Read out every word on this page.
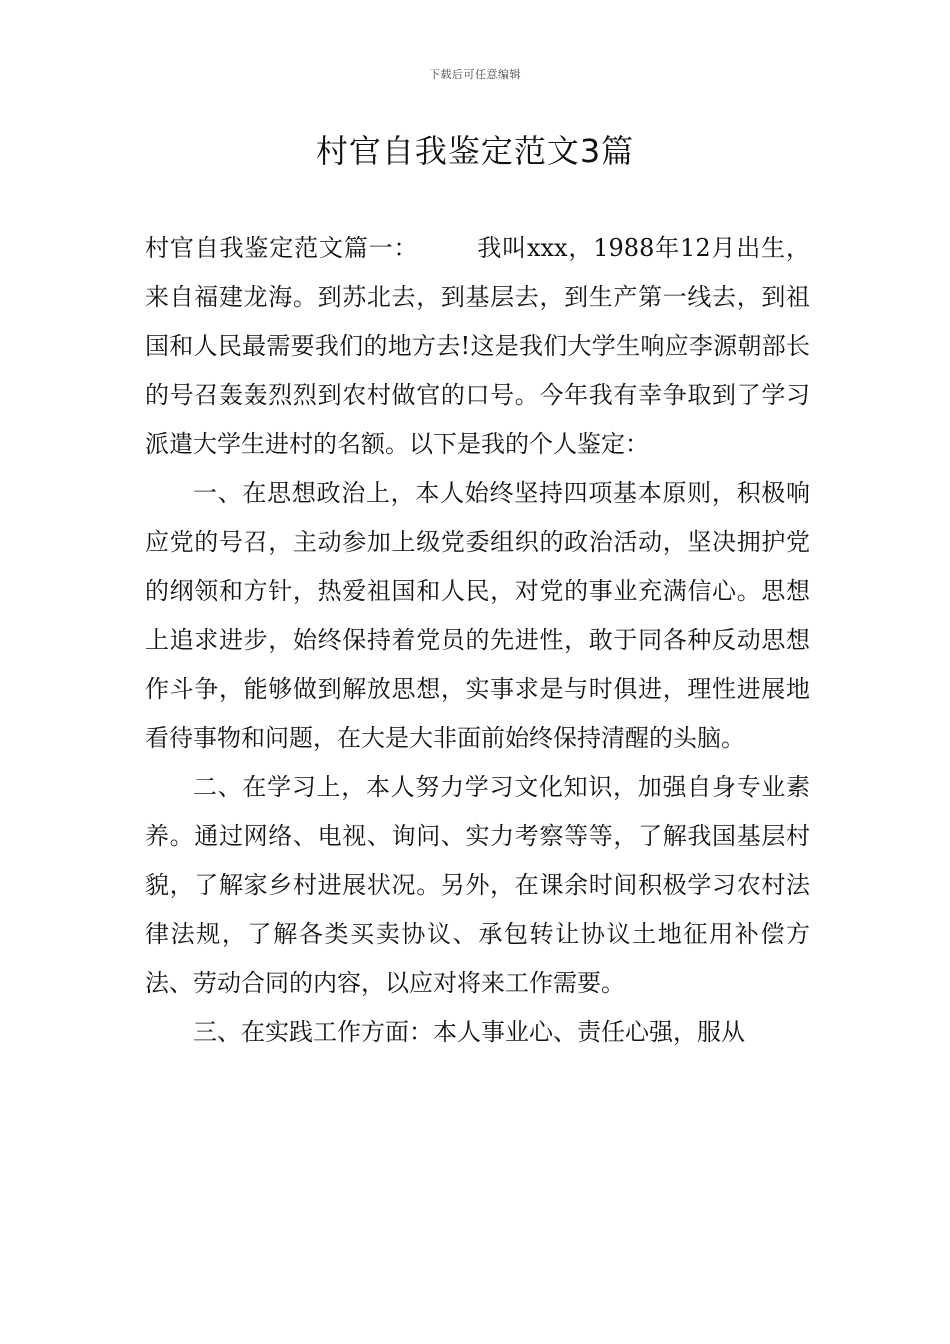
下载后可任意编辑
村官自我鉴定范文3篇

村官自我鉴定范文篇一： 我叫xxx，1988年12月出生，来自福建龙海。到苏北去，到基层去，到生产第一线去，到祖国和人民最需要我们的地方去!这是我们大学生响应李源朝部长的号召轰轰烈烈到农村做官的口号。今年我有幸争取到了学习派遣大学生进村的名额。以下是我的个人鉴定：

一、在思想政治上，本人始终坚持四项基本原则，积极响应党的号召，主动参加上级党委组织的政治活动，坚决拥护党的纲领和方针，热爱祖国和人民，对党的事业充满信心。思想上追求进步，始终保持着党员的先进性，敢于同各种反动思想作斗争，能够做到解放思想，实事求是与时俱进，理性进展地看待事物和问题，在大是大非面前始终保持清醒的头脑。

二、在学习上，本人努力学习文化知识，加强自身专业素养。通过网络、电视、询问、实力考察等等，了解我国基层村貌，了解家乡村进展状况。另外，在课余时间积极学习农村法律法规，了解各类买卖协议、承包转让协议土地征用补偿方法、劳动合同的内容，以应对将来工作需要。

三、在实践工作方面：本人事业心、责任心强，服从
